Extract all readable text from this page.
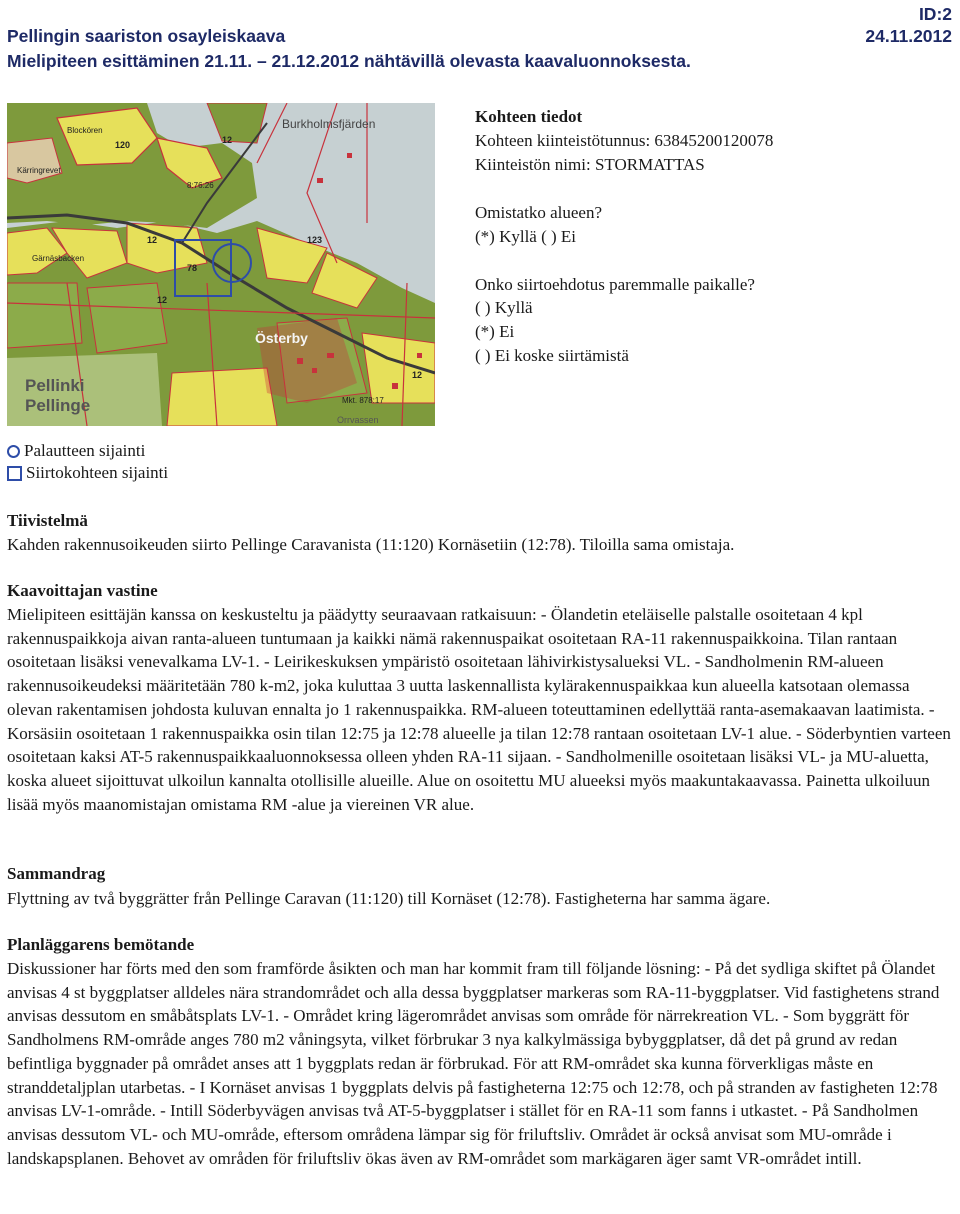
ID:2
Pellingin saariston osayleiskaava	24.11.2012
Mielipiteen esittäminen 21.11. – 21.12.2012 nähtävillä olevasta kaavaluonnoksesta.
Burkholmsfjärden
Blockören
Gärnäsbacken
Kärringrevet
Österby
Pellinki
Pellinge
8:76:26
Mkt. 878:17
Orrvassen
120	12
123
12
12
78
12
Kohteen tiedot
Kohteen kiinteistötunnus: 63845200120078
Kiinteistön nimi: STORMATTAS
Omistatko alueen?
(*) Kyllä ( ) Ei
Onko siirtoehdotus paremmalle paikalle?
( ) Kyllä
(*) Ei
( ) Ei koske siirtämistä
Palautteen sijainti
Siirtokohteen sijainti
Tiivistelmä

Kahden rakennusoikeuden siirto Pellinge Caravanista (11:120) Kornäsetiin (12:78). Tiloilla sama omistaja.

Kaavoittajan vastine

Mielipiteen esittäjän kanssa on keskusteltu ja päädytty seuraavaan ratkaisuun: - Ölandetin eteläiselle palstalle osoitetaan 4 kpl rakennuspaikkoja aivan ranta-alueen tuntumaan ja kaikki nämä rakennuspaikat osoitetaan RA-11 rakennuspaikkoina. Tilan rantaan osoitetaan lisäksi venevalkama LV-1. - Leirikeskuksen ympäristö osoitetaan lähivirkistysalueksi VL. - Sandholmenin RM-alueen rakennusoikeudeksi määritetään 780 k-m2, joka kuluttaa 3 uutta laskennallista kylärakennuspaikkaa kun alueella katsotaan olemassa olevan rakentamisen johdosta kuluvan ennalta jo 1 rakennuspaikka. RM-alueen toteuttaminen edellyttää ranta-asemakaavan laatimista. - Korsäsiin osoitetaan 1 rakennuspaikka osin tilan 12:75 ja 12:78 alueelle ja tilan 12:78 rantaan osoitetaan LV-1 alue. - Söderbyntien varteen osoitetaan kaksi AT-5 rakennuspaikkaaluonnoksessa olleen yhden RA-11 sijaan. - Sandholmenille osoitetaan lisäksi VL- ja MU-aluetta, koska alueet sijoittuvat ulkoilun kannalta otollisille alueille. Alue on osoitettu MU alueeksi myös maakuntakaavassa. Painetta ulkoiluun lisää myös maanomistajan omistama RM -alue ja viereinen VR alue.

Sammandrag

Flyttning av två byggrätter från Pellinge Caravan (11:120) till Kornäset (12:78). Fastigheterna har samma ägare.

Planläggarens bemötande

Diskussioner har förts med den som framförde åsikten och man har kommit fram till följande lösning: - På det sydliga skiftet på Ölandet anvisas 4 st byggplatser alldeles nära strandområdet och alla dessa byggplatser markeras som RA-11-byggplatser. Vid fastighetens strand anvisas dessutom en småbåtsplats LV-1. - Området kring lägerområdet anvisas som område för närrekreation VL. - Som byggrätt för Sandholmens RM-område anges 780 m2 våningsyta, vilket förbrukar 3 nya kalkylmässiga bybyggplatser, då det på grund av redan befintliga byggnader på området anses att 1 byggplats redan är förbrukad. För att RM-området ska kunna förverkligas måste en stranddetaljplan utarbetas. - I Kornäset anvisas 1 byggplats delvis på fastigheterna 12:75 och 12:78, och på stranden av fastigheten 12:78 anvisas LV-1-område. - Intill Söderbyvägen anvisas två AT-5-byggplatser i stället för en RA-11 som fanns i utkastet. - På Sandholmen anvisas dessutom VL- och MU-område, eftersom områdena lämpar sig för friluftsliv. Området är också anvisat som MU-område i landskapsplanen. Behovet av områden för friluftsliv ökas även av RM-området som markägaren äger samt VR-området intill.
